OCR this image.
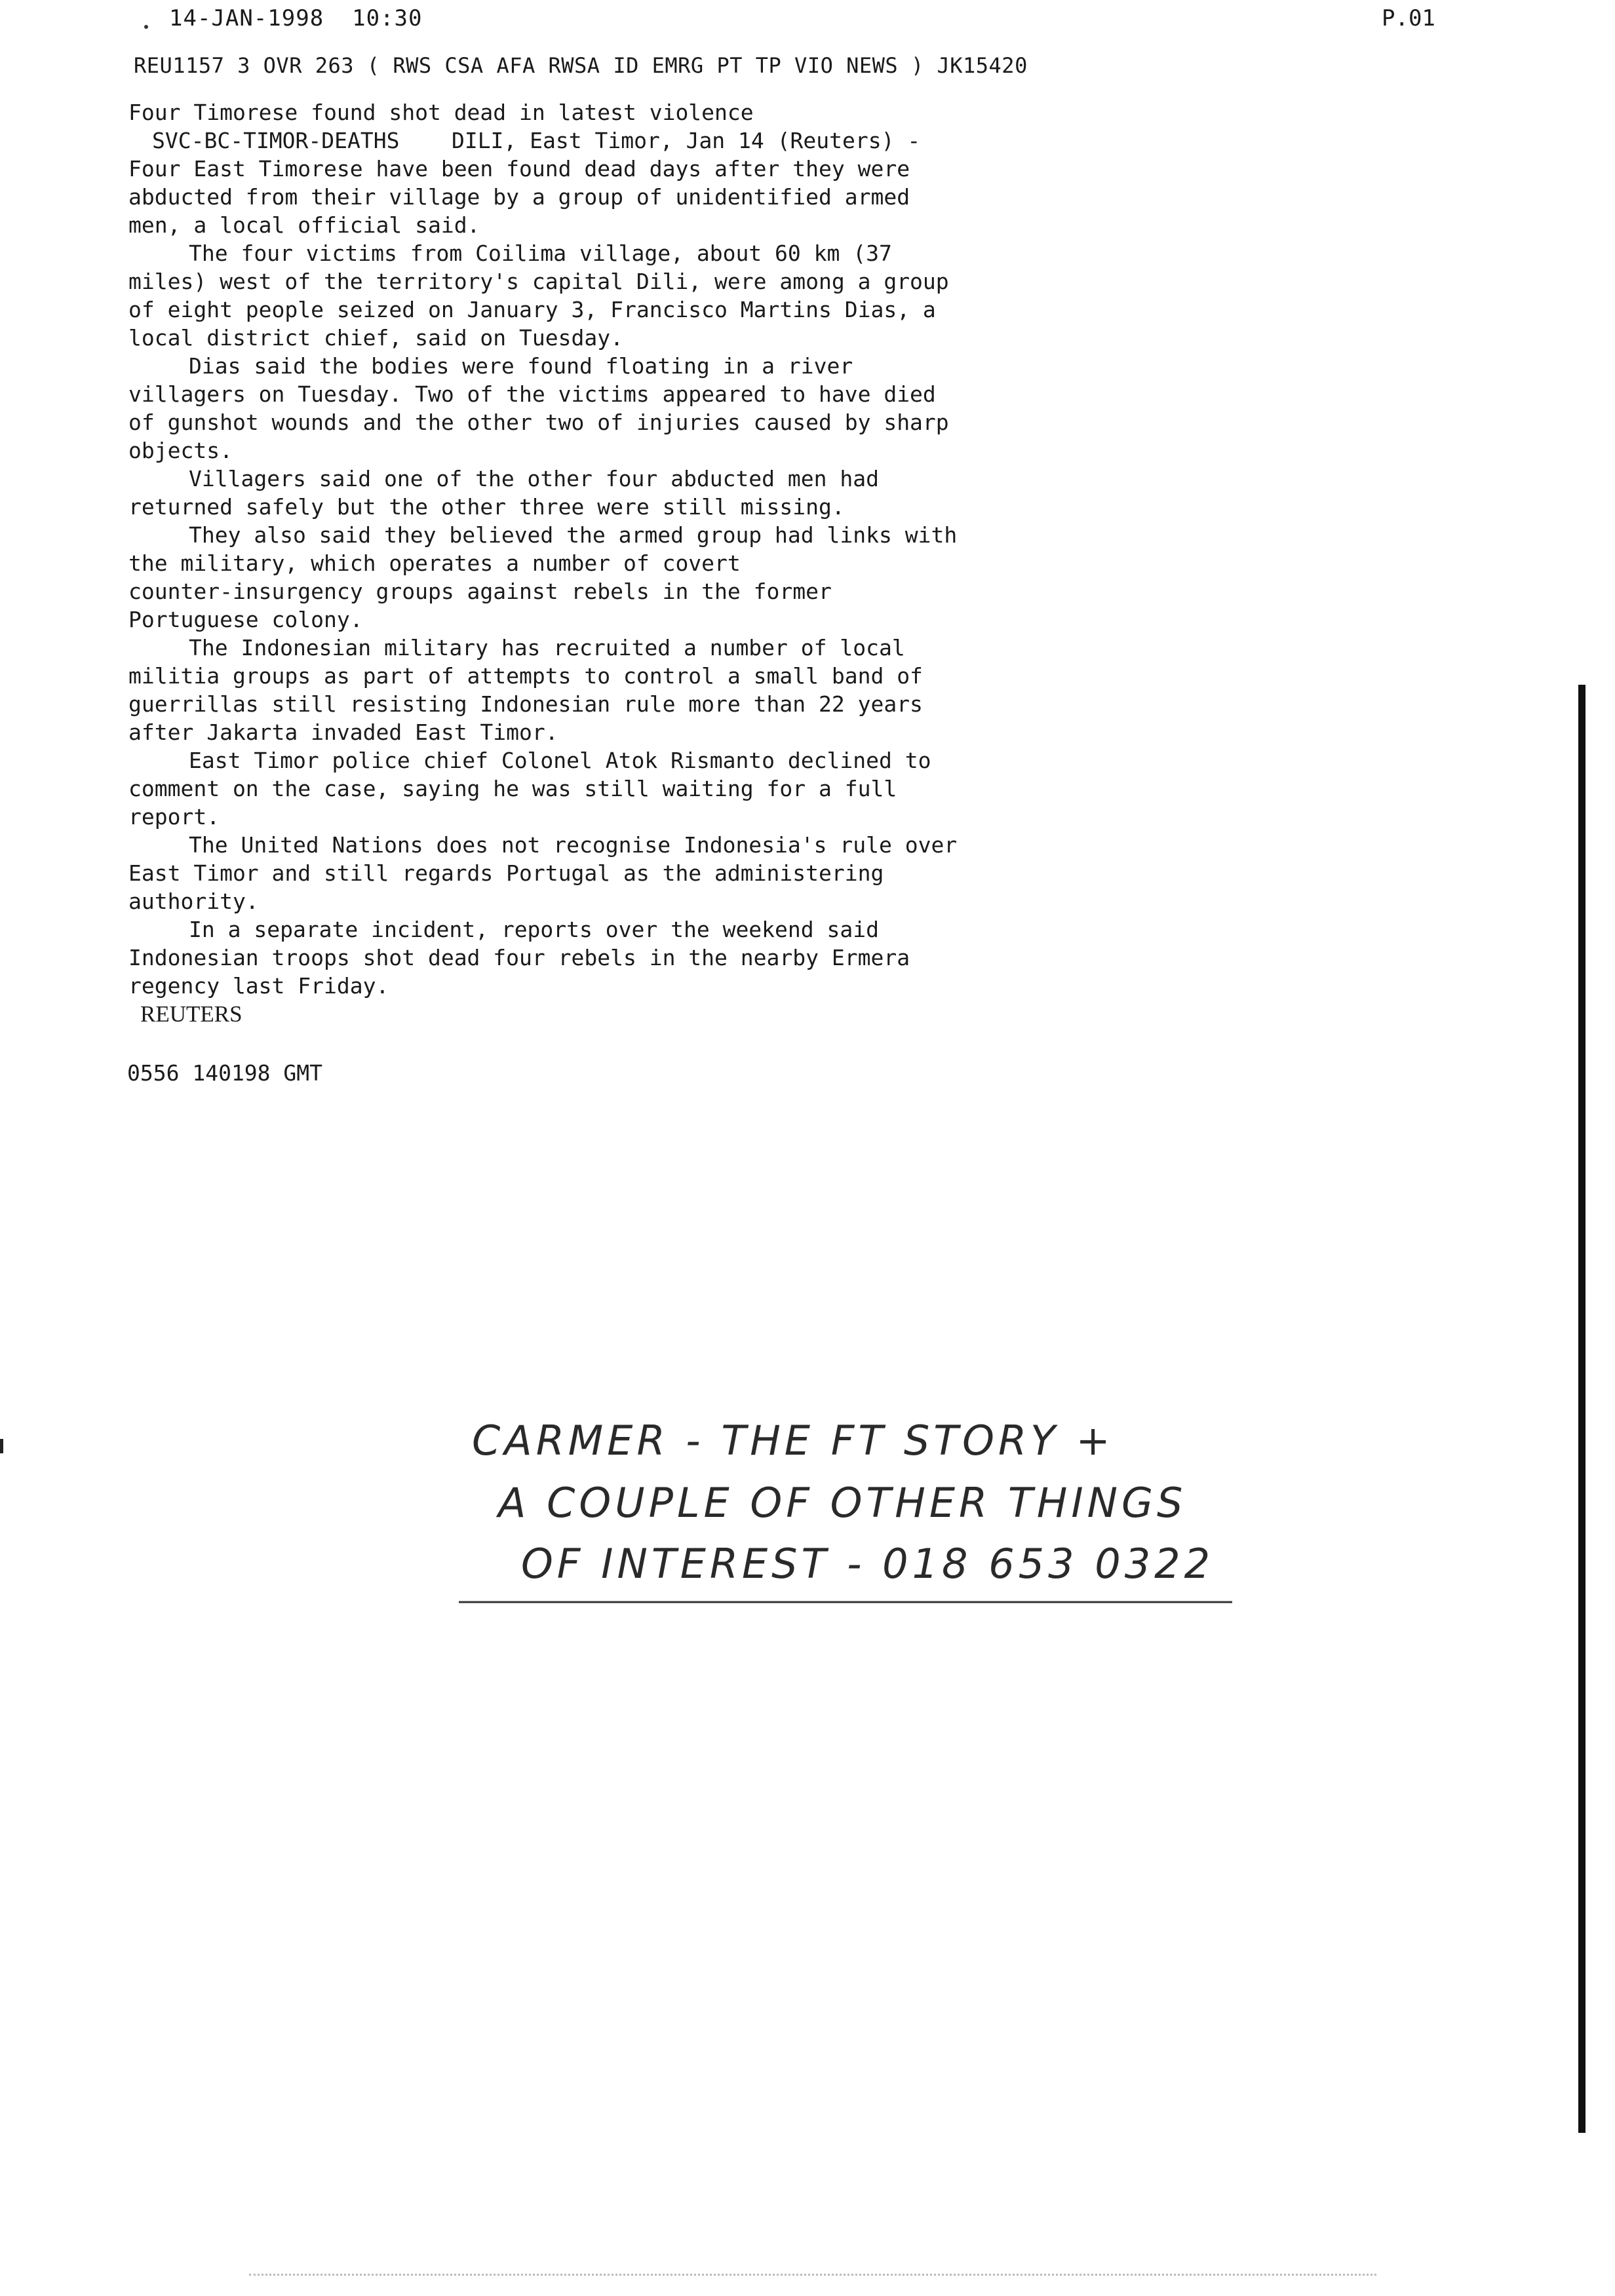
14-JAN-1998  10:30	P.01
REU1157 3 OVR 263 ( RWS CSA AFA RWSA ID EMRG PT TP VIO NEWS ) JK15420
Four Timorese found shot dead in latest violence
SVC-BC-TIMOR-DEATHS    DILI, East Timor, Jan 14 (Reuters) -
Four East Timorese have been found dead days after they were
abducted from their village by a group of unidentified armed
men, a local official said.
The four victims from Coilima village, about 60 km (37
miles) west of the territory's capital Dili, were among a group
of eight people seized on January 3, Francisco Martins Dias, a
local district chief, said on Tuesday.
Dias said the bodies were found floating in a river
villagers on Tuesday. Two of the victims appeared to have died
of gunshot wounds and the other two of injuries caused by sharp
objects.
Villagers said one of the other four abducted men had
returned safely but the other three were still missing.
They also said they believed the armed group had links with
the military, which operates a number of covert
counter-insurgency groups against rebels in the former
Portuguese colony.
The Indonesian military has recruited a number of local
militia groups as part of attempts to control a small band of
guerrillas still resisting Indonesian rule more than 22 years
after Jakarta invaded East Timor.
East Timor police chief Colonel Atok Rismanto declined to
comment on the case, saying he was still waiting for a full
report.
The United Nations does not recognise Indonesia's rule over
East Timor and still regards Portugal as the administering
authority.
In a separate incident, reports over the weekend said
Indonesian troops shot dead four rebels in the nearby Ermera
regency last Friday.
REUTERS
0556 140198 GMT
CARMER - THE FT STORY +
A COUPLE OF OTHER THINGS
OF INTEREST - 018 653 0322
